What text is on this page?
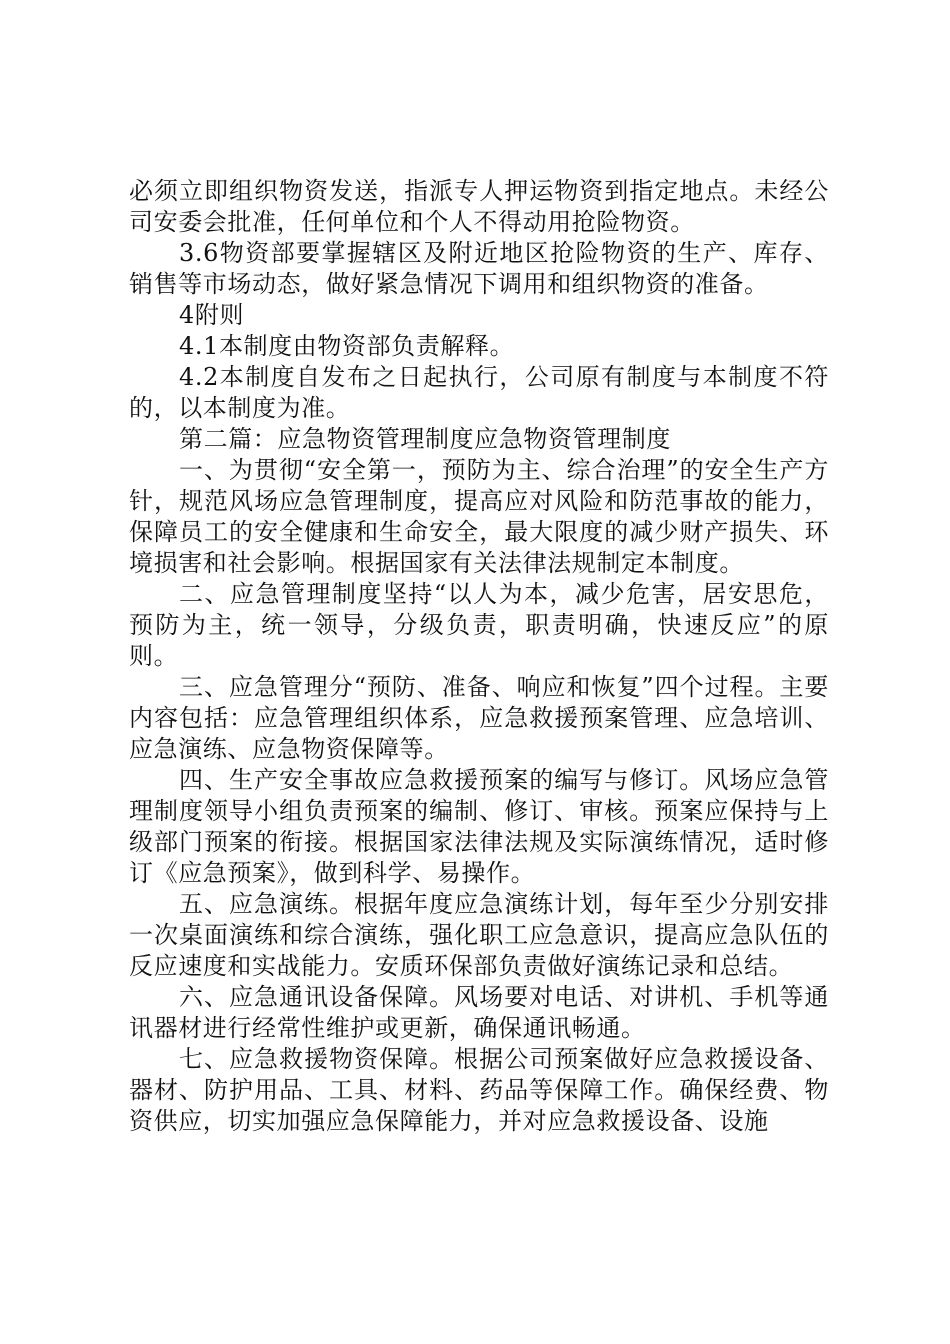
必须立即组织物资发送，指派专人押运物资到指定地点。未经公司安委会批准，任何单位和个人不得动用抢险物资。

3.6物资部要掌握辖区及附近地区抢险物资的生产、库存、销售等市场动态，做好紧急情况下调用和组织物资的准备。

4附则

4.1本制度由物资部负责解释。

4.2本制度自发布之日起执行，公司原有制度与本制度不符的，以本制度为准。

第二篇：应急物资管理制度应急物资管理制度

一、为贯彻“安全第一，预防为主、综合治理”的安全生产方针，规范风场应急管理制度，提高应对风险和防范事故的能力，保障员工的安全健康和生命安全，最大限度的减少财产损失、环境损害和社会影响。根据国家有关法律法规制定本制度。

二、应急管理制度坚持“以人为本，减少危害，居安思危，预防为主，统一领导，分级负责，职责明确，快速反应”的原则。

三、应急管理分“预防、准备、响应和恢复”四个过程。主要内容包括：应急管理组织体系，应急救援预案管理、应急培训、应急演练、应急物资保障等。

四、生产安全事故应急救援预案的编写与修订。风场应急管理制度领导小组负责预案的编制、修订、审核。预案应保持与上级部门预案的衔接。根据国家法律法规及实际演练情况，适时修订《应急预案》，做到科学、易操作。

五、应急演练。根据年度应急演练计划，每年至少分别安排一次桌面演练和综合演练，强化职工应急意识，提高应急队伍的反应速度和实战能力。安质环保部负责做好演练记录和总结。

六、应急通讯设备保障。风场要对电话、对讲机、手机等通讯器材进行经常性维护或更新，确保通讯畅通。

七、应急救援物资保障。根据公司预案做好应急救援设备、器材、防护用品、工具、材料、药品等保障工作。确保经费、物资供应，切实加强应急保障能力，并对应急救援设备、设施
